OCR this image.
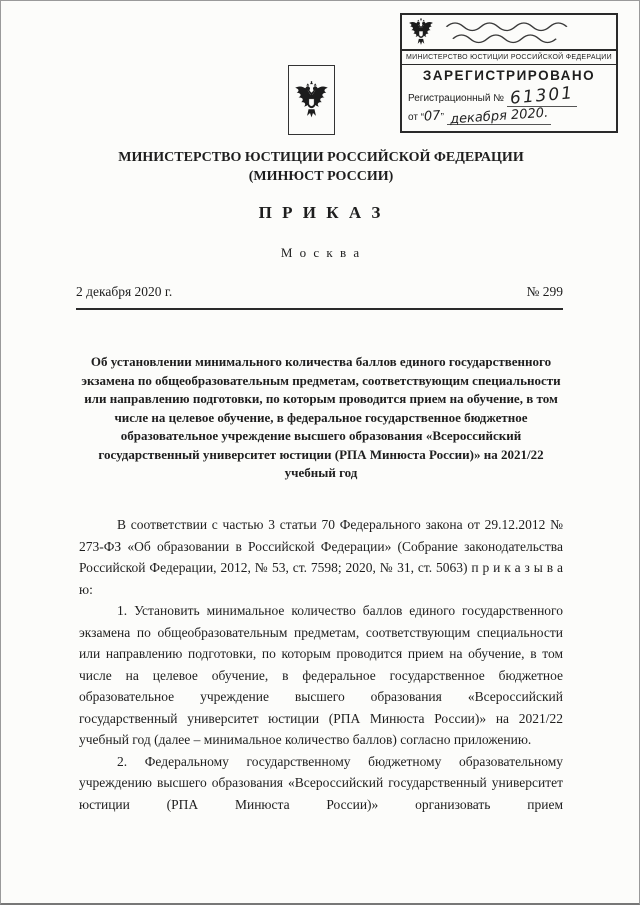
МИНИСТЕРСТВО ЮСТИЦИИ РОССИЙСКОЙ ФЕДЕРАЦИИ
ЗАРЕГИСТРИРОВАНО
Регистрационный № 61301
от “07” декабря 2020.
МИНИСТЕРСТВО ЮСТИЦИИ РОССИЙСКОЙ ФЕДЕРАЦИИ
(МИНЮСТ РОССИИ)
П Р И К А З
М о с к в а
2 декабря 2020 г.	№ 299
Об установлении минимального количества баллов единого государственного экзамена по общеобразовательным предметам, соответствующим специальности или направлению подготовки, по которым проводится прием на обучение, в том числе на целевое обучение, в федеральное государственное бюджетное образовательное учреждение высшего образования «Всероссийский государственный университет юстиции (РПА Минюста России)» на 2021/22 учебный год

В соответствии с частью 3 статьи 70 Федерального закона от 29.12.2012 № 273-ФЗ «Об образовании в Российской Федерации» (Собрание законодательства Российской Федерации, 2012, № 53, ст. 7598; 2020, № 31, ст. 5063) п р и к а з ы в а ю:

1. Установить минимальное количество баллов единого государственного экзамена по общеобразовательным предметам, соответствующим специальности или направлению подготовки, по которым проводится прием на обучение, в том числе на целевое обучение, в федеральное государственное бюджетное образовательное учреждение высшего образования «Всероссийский государственный университет юстиции (РПА Минюста России)» на 2021/22 учебный год (далее – минимальное количество баллов) согласно приложению.

2. Федеральному государственному бюджетному образовательному учреждению высшего образования «Всероссийский государственный университет юстиции (РПА Минюста России)» организовать прием
